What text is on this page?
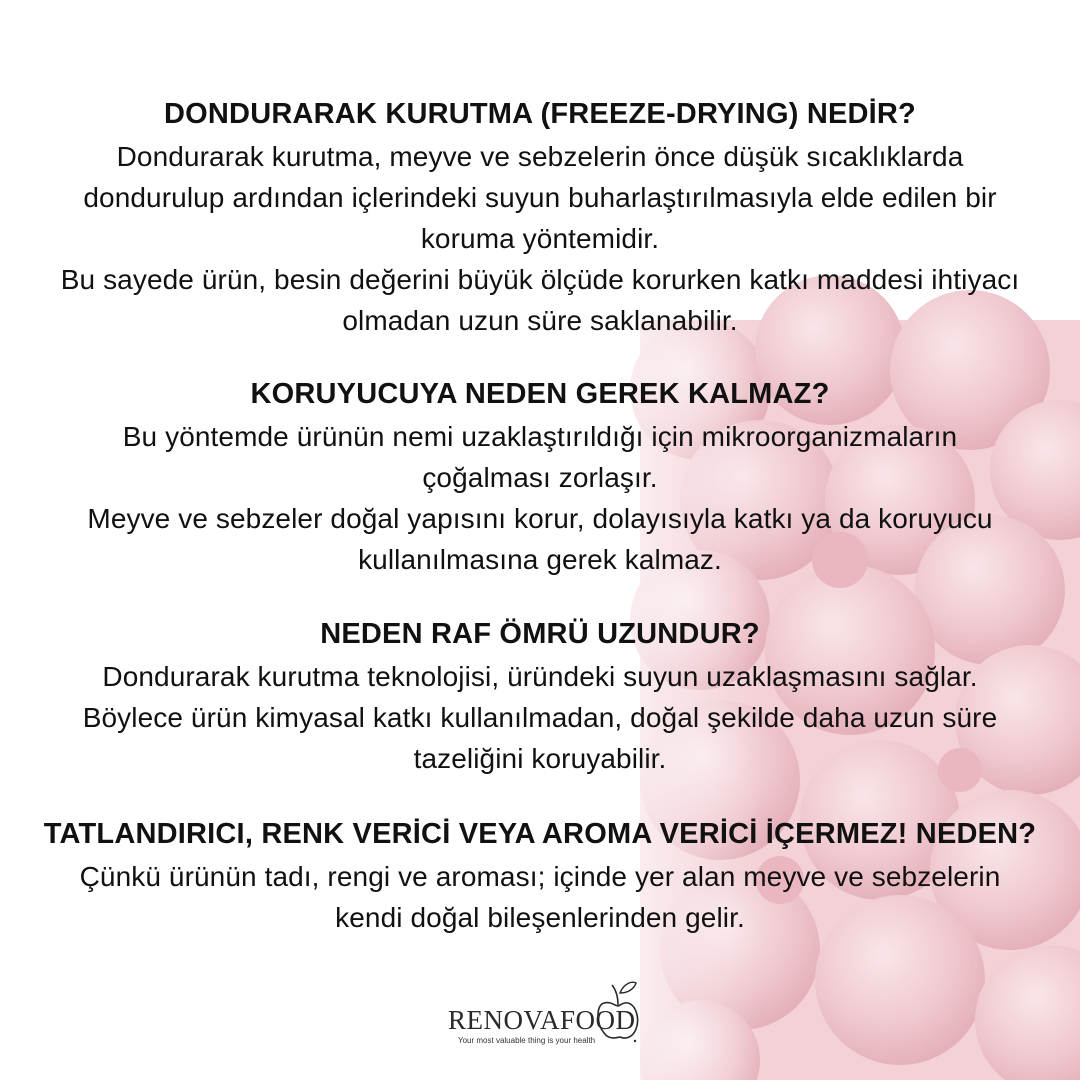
DONDURARAK KURUTMA (FREEZE-DRYING) NEDİR?

Dondurarak kurutma, meyve ve sebzelerin önce düşük sıcaklıklarda
dondurulup ardından içlerindeki suyun buharlaştırılmasıyla elde edilen bir
koruma yöntemidir.

Bu sayede ürün, besin değerini büyük ölçüde korurken katkı maddesi ihtiyacı
olmadan uzun süre saklanabilir.

KORUYUCUYA NEDEN GEREK KALMAZ?

Bu yöntemde ürünün nemi uzaklaştırıldığı için mikroorganizmaların
çoğalması zorlaşır.

Meyve ve sebzeler doğal yapısını korur, dolayısıyla katkı ya da koruyucu
kullanılmasına gerek kalmaz.

NEDEN RAF ÖMRÜ UZUNDUR?

Dondurarak kurutma teknolojisi, üründeki suyun uzaklaşmasını sağlar.
Böylece ürün kimyasal katkı kullanılmadan, doğal şekilde daha uzun süre
tazeliğini koruyabilir.

TATLANDIRICI, RENK VERİCİ VEYA AROMA VERİCİ İÇERMEZ! NEDEN?

Çünkü ürünün tadı, rengi ve aroması; içinde yer alan meyve ve sebzelerin
kendi doğal bileşenlerinden gelir.

RENOVAFOOD
Your most valuable thing is your health
